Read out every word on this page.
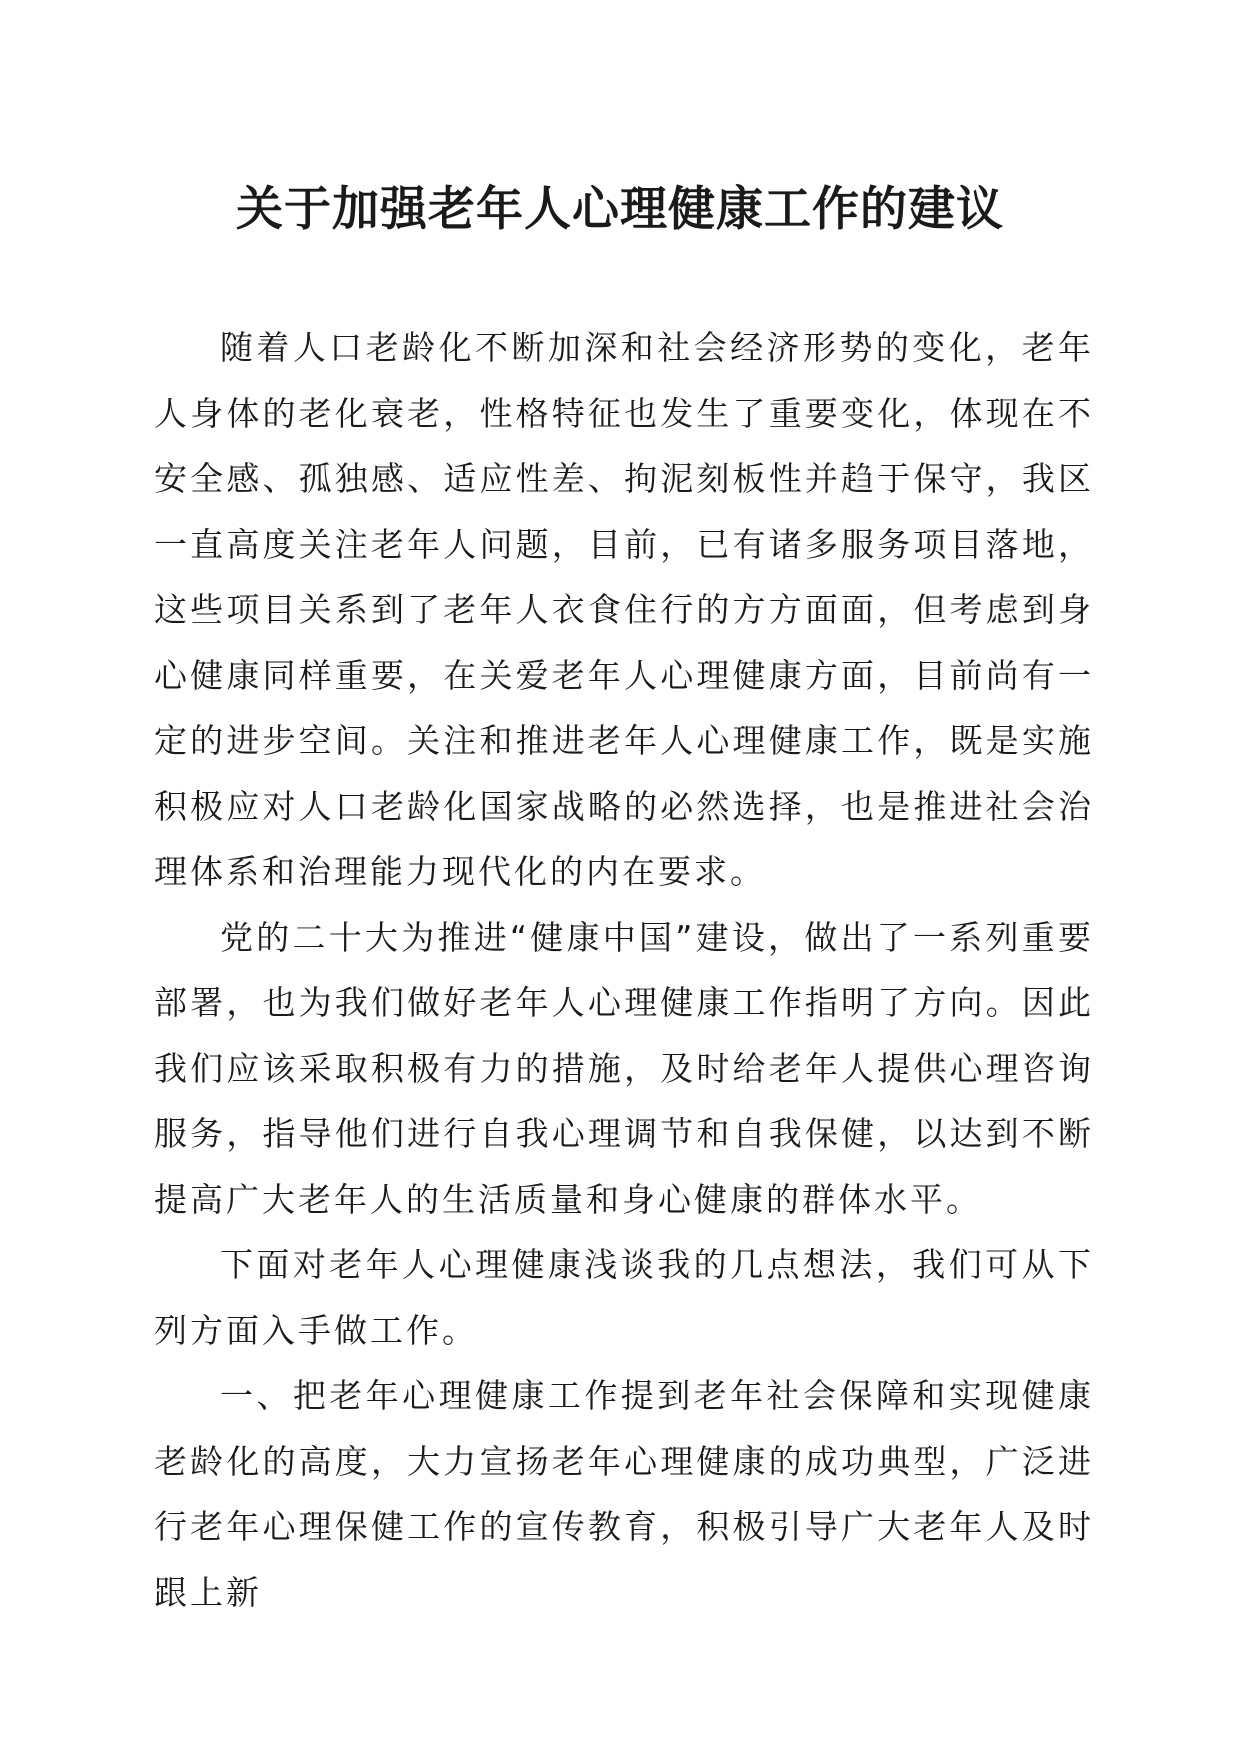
关于加强老年人心理健康工作的建议

随着人口老龄化不断加深和社会经济形势的变化，老年人身体的老化衰老，性格特征也发生了重要变化，体现在不安全感、孤独感、适应性差、拘泥刻板性并趋于保守，我区一直高度关注老年人问题，目前，已有诸多服务项目落地，这些项目关系到了老年人衣食住行的方方面面，但考虑到身心健康同样重要，在关爱老年人心理健康方面，目前尚有一定的进步空间。关注和推进老年人心理健康工作，既是实施积极应对人口老龄化国家战略的必然选择，也是推进社会治理体系和治理能力现代化的内在要求。

党的二十大为推进“健康中国”建设，做出了一系列重要部署，也为我们做好老年人心理健康工作指明了方向。因此我们应该采取积极有力的措施，及时给老年人提供心理咨询服务，指导他们进行自我心理调节和自我保健，以达到不断提高广大老年人的生活质量和身心健康的群体水平。

下面对老年人心理健康浅谈我的几点想法，我们可从下列方面入手做工作。

一、把老年心理健康工作提到老年社会保障和实现健康老龄化的高度，大力宣扬老年心理健康的成功典型，广泛进行老年心理保健工作的宣传教育，积极引导广大老年人及时跟上新
